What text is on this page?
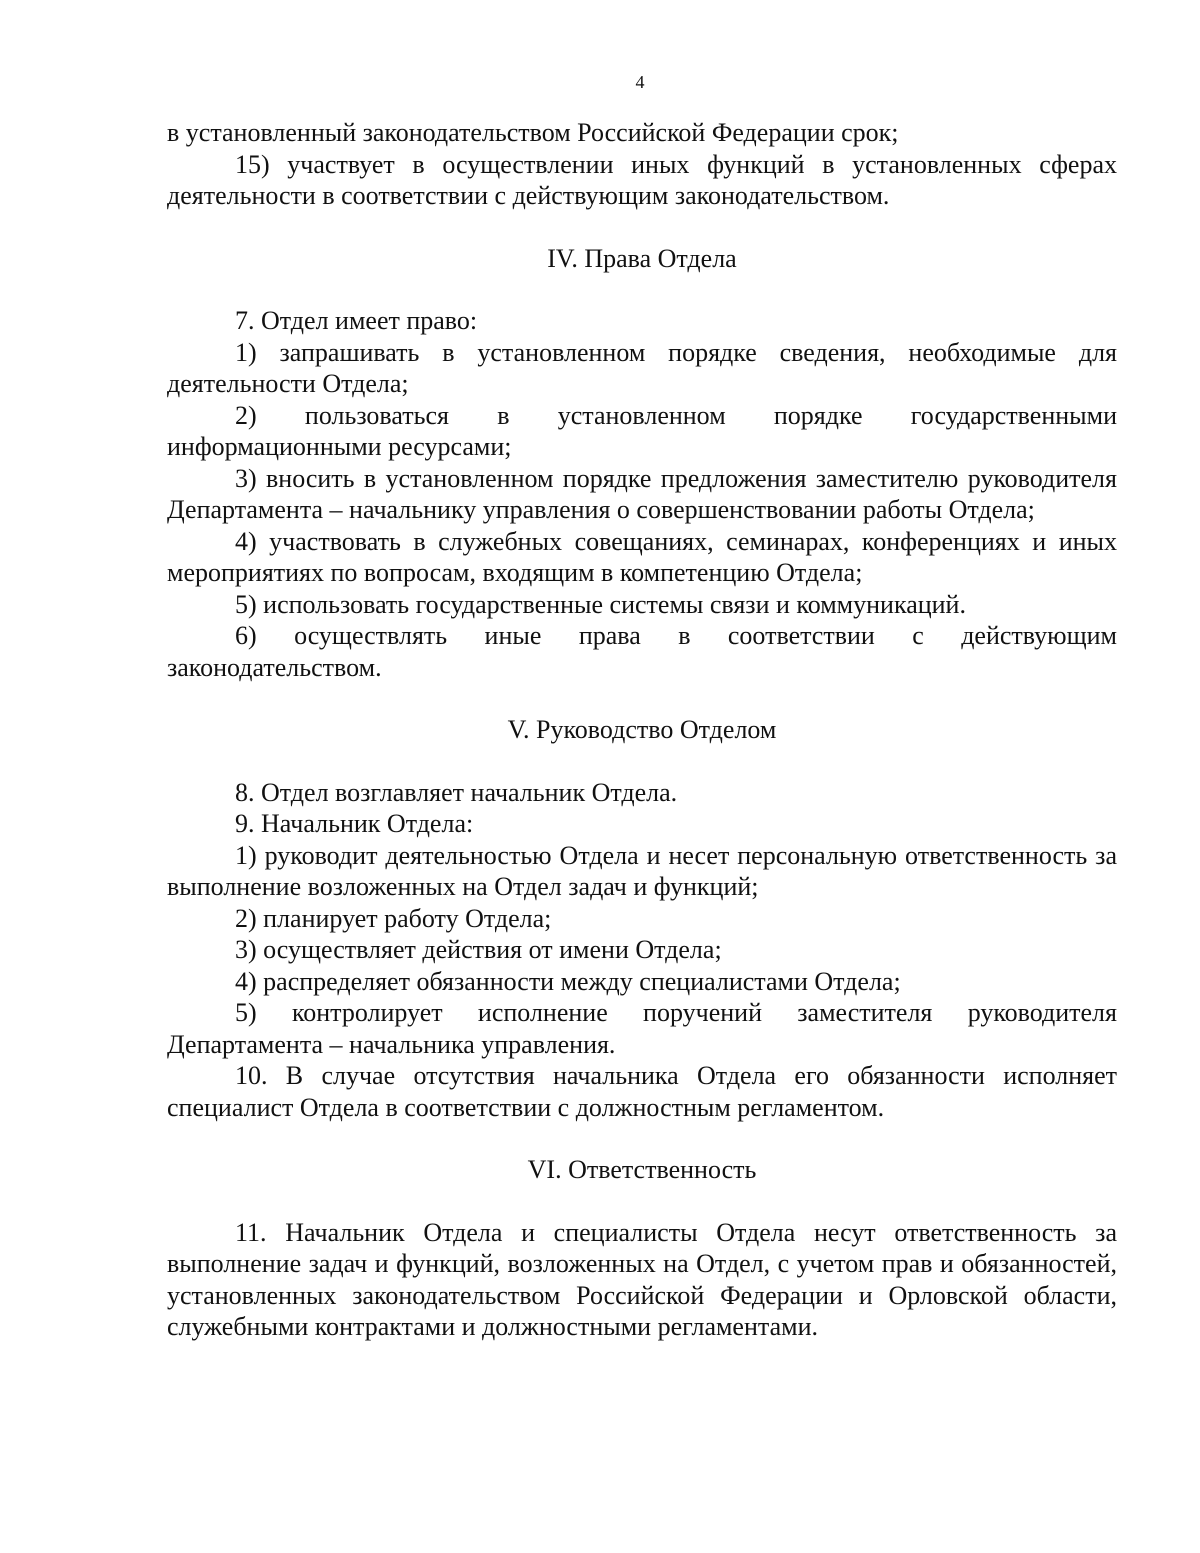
4

в установленный законодательством Российской Федерации срок;

15) участвует в осуществлении иных функций в установленных сферах деятельности в соответствии с действующим законодательством.

IV. Права Отдела

7. Отдел имеет право:

1) запрашивать в установленном порядке сведения, необходимые для деятельности Отдела;

2) пользоваться в установленном порядке государственными информационными ресурсами;

3) вносить в установленном порядке предложения заместителю руководителя Департамента – начальнику управления о совершенствовании работы Отдела;

4) участвовать в служебных совещаниях, семинарах, конференциях и иных мероприятиях по вопросам, входящим в компетенцию Отдела;

5) использовать государственные системы связи и коммуникаций.

6) осуществлять иные права в соответствии с действующим законодательством.

V. Руководство Отделом

8. Отдел возглавляет начальник Отдела.

9. Начальник Отдела:

1) руководит деятельностью Отдела и несет персональную ответственность за выполнение возложенных на Отдел задач и функций;

2) планирует работу Отдела;

3) осуществляет действия от имени Отдела;

4) распределяет обязанности между специалистами Отдела;

5) контролирует исполнение поручений заместителя руководителя Департамента – начальника управления.

10. В случае отсутствия начальника Отдела его обязанности исполняет специалист Отдела в соответствии с должностным регламентом.

VI. Ответственность

11. Начальник Отдела и специалисты Отдела несут ответственность за выполнение задач и функций, возложенных на Отдел, с учетом прав и обязанностей, установленных законодательством Российской Федерации и Орловской области, служебными контрактами и должностными регламентами.
